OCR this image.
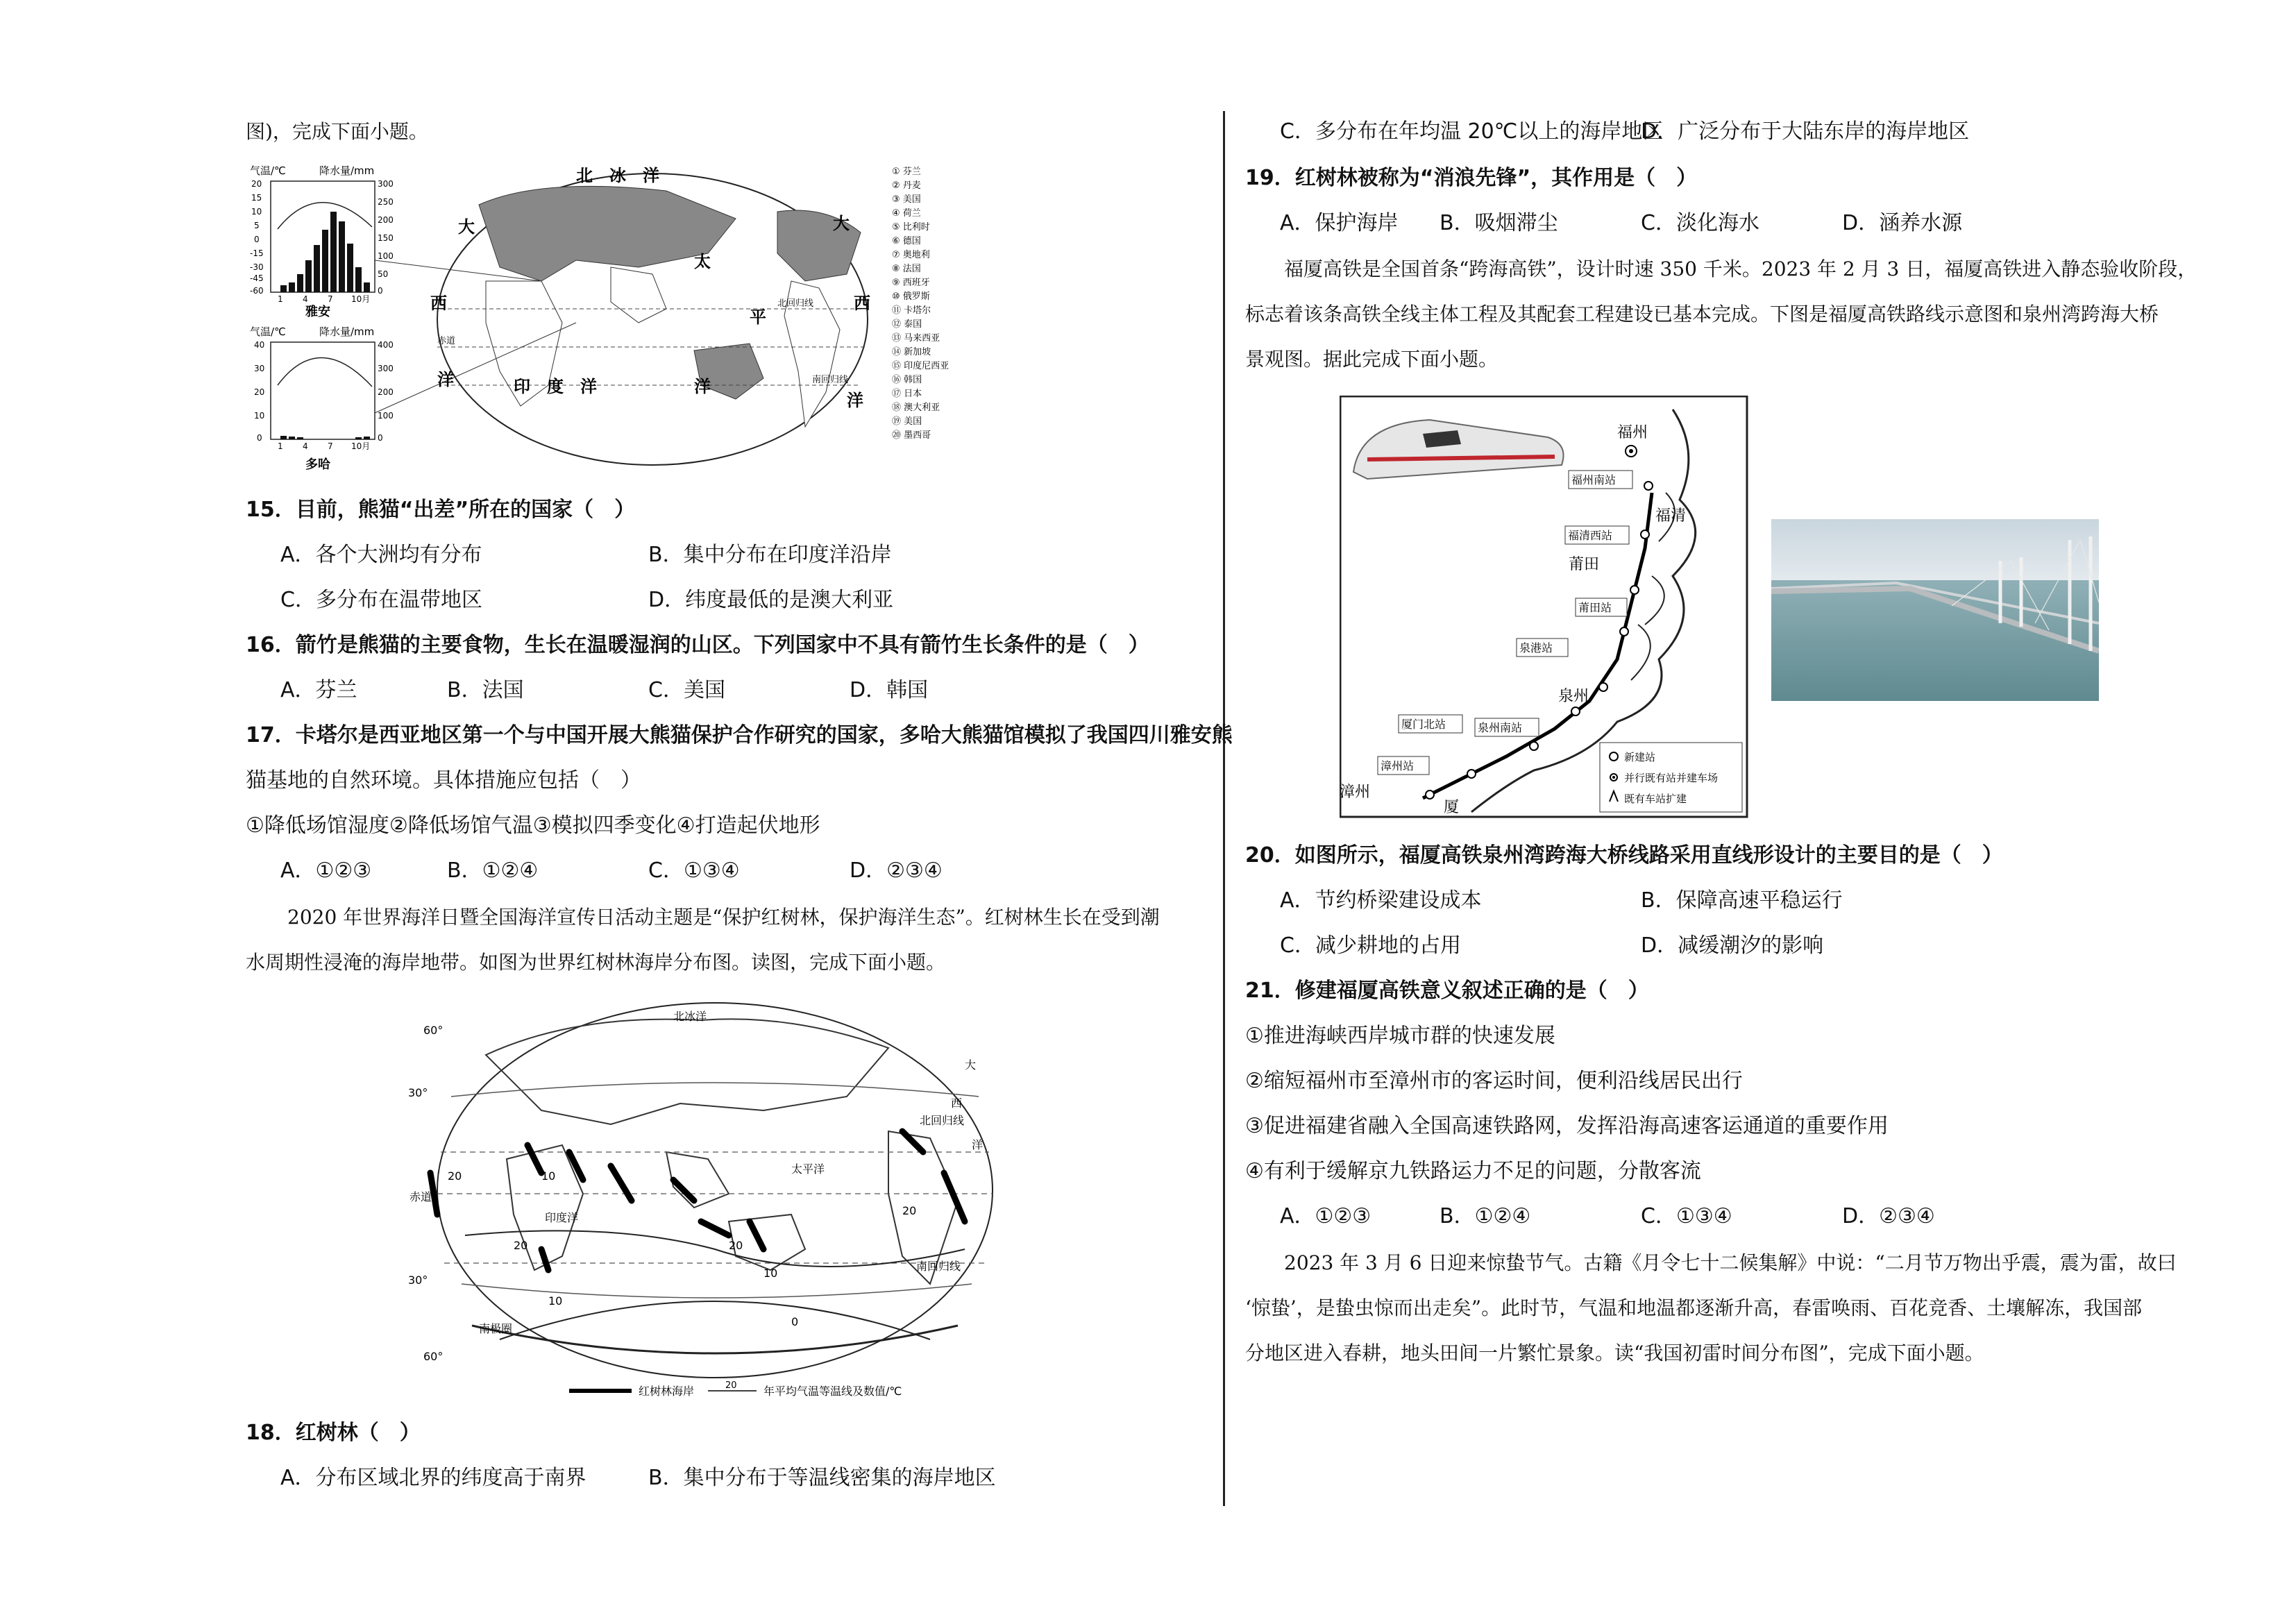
图)，完成下面小题。
气温/℃	降水量/mm
20
15
10
5
0
-15
-30
-45
-60
300
250
200
150
100
50
0
1 4 7 10月
雅安
气温/℃	降水量/mm
40
30
20
10
0
400
300
200
100
0
1 4 7 10月
多哈
北　冰　洋
大	大
西	西
太
平
洋	洋
洋
印　度　洋
北回归线
赤道
南回归线
① 芬兰
② 丹麦
③ 美国
④ 荷兰
⑤ 比利时
⑥ 德国
⑦ 奥地利
⑧ 法国
⑨ 西班牙
⑩ 俄罗斯
⑪ 卡塔尔
⑫ 泰国
⑬ 马来西亚
⑭ 新加坡
⑮ 印度尼西亚
⑯ 韩国
⑰ 日本
⑱ 澳大利亚
⑲ 美国
⑳ 墨西哥
15．目前，熊猫“出差”所在的国家（　）
A．各个大洲均有分布	B．集中分布在印度洋沿岸
C．多分布在温带地区	D．纬度最低的是澳大利亚
16．箭竹是熊猫的主要食物，生长在温暖湿润的山区。下列国家中不具有箭竹生长条件的是（　）
A．芬兰	B．法国	C．美国	D．韩国
17．卡塔尔是西亚地区第一个与中国开展大熊猫保护合作研究的国家，多哈大熊猫馆模拟了我国四川雅安熊
猫基地的自然环境。具体措施应包括（　）
①降低场馆湿度②降低场馆气温③模拟四季变化④打造起伏地形
A．①②③	B．①②④	C．①③④	D．②③④
2020 年世界海洋日暨全国海洋宣传日活动主题是“保护红树林，保护海洋生态”。红树林生长在受到潮
水周期性浸淹的海岸地带。如图为世界红树林海岸分布图。读图，完成下面小题。
60°
30°
30°
60°
北冰洋
大
西
北回归线
洋
太平洋
赤道
印度洋
南回归线
南极圈
20
20	20
20
10
10
10
0
红树林海岸	20 年平均气温等温线及数值/℃
18．红树林（　）
A．分布区域北界的纬度高于南界	B．集中分布于等温线密集的海岸地区
C．多分布在年均温 20℃以上的海岸地区
D．广泛分布于大陆东岸的海岸地区
19．红树林被称为“消浪先锋”，其作用是（　）
A．保护海岸 B．吸烟滞尘	C．淡化海水	D．涵养水源
福厦高铁是全国首条“跨海高铁”，设计时速 350 千米。2023 年 2 月 3 日，福厦高铁进入静态验收阶段，
标志着该条高铁全线主体工程及其配套工程建设已基本完成。下图是福厦高铁路线示意图和泉州湾跨海大桥
景观图。据此完成下面小题。
福州
福清
莆田
泉州
漳州
厦
福州南站
福清西站
莆田站
泉港站
厦门北站	泉州南站
漳州站
新建站
并行既有站并建车场
既有车站扩建
20．如图所示，福厦高铁泉州湾跨海大桥线路采用直线形设计的主要目的是（　）
A．节约桥梁建设成本	B．保障高速平稳运行
C．减少耕地的占用	D．减缓潮汐的影响
21．修建福厦高铁意义叙述正确的是（　）
①推进海峡西岸城市群的快速发展
②缩短福州市至漳州市的客运时间，便利沿线居民出行
③促进福建省融入全国高速铁路网，发挥沿海高速客运通道的重要作用
④有利于缓解京九铁路运力不足的问题，分散客流
A．①②③	B．①②④	C．①③④	D．②③④
2023 年 3 月 6 日迎来惊蛰节气。古籍《月令七十二候集解》中说：“二月节万物出乎震，震为雷，故曰
‘惊蛰’，是蛰虫惊而出走矣”。此时节，气温和地温都逐渐升高，春雷唤雨、百花竞香、土壤解冻，我国部
分地区进入春耕，地头田间一片繁忙景象。读“我国初雷时间分布图”，完成下面小题。
